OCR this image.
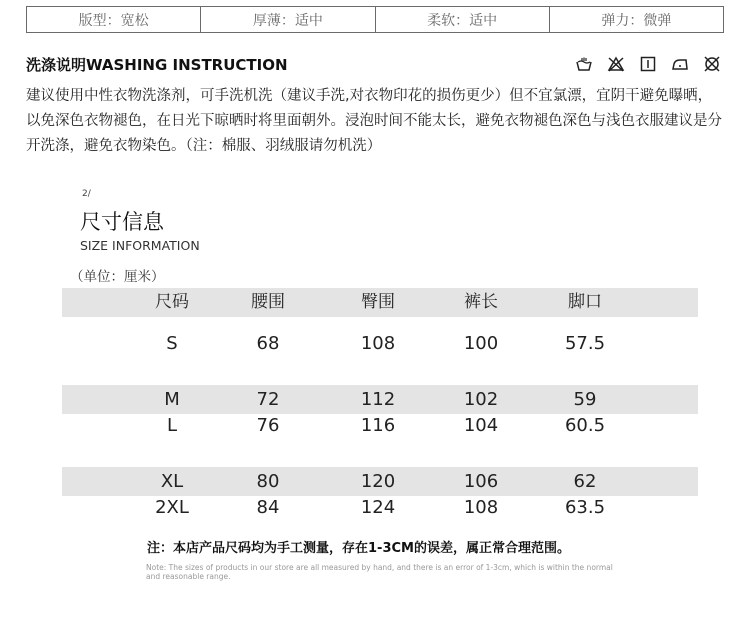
版型 ： 宽松	厚薄 ： 适中	柔软 ： 适中	弹力 ： 微弹
洗涤说明WASHING INSTRUCTION
建议使用中性衣物洗涤剂，可手洗机洗（建议手洗,对衣物印花的损伤更少）但不宜氯漂，宜阴干避免曝晒，以免深色衣物褪色，在日光下晾晒时将里面朝外。浸泡时间不能太长，避免衣物褪色深色与浅色衣服建议是分开洗涤，避免衣物染色。（注：棉服、羽绒服请勿机洗）
2/
尺寸信息
SIZE INFORMATION
（单位：厘米）
尺码	腰围	臀围	裤长	脚口
S	68	108	100	57.5
M	72	112	102	59
L	76	116	104	60.5
XL	80	120	106	62
2XL	84	124	108	63.5
注：本店产品尺码均为手工测量，存在1-3CM的误差，属正常合理范围。
Note: The sizes of products in our store are all measured by hand, and there is an error of 1-3cm, which is within the normal and reasonable range.
